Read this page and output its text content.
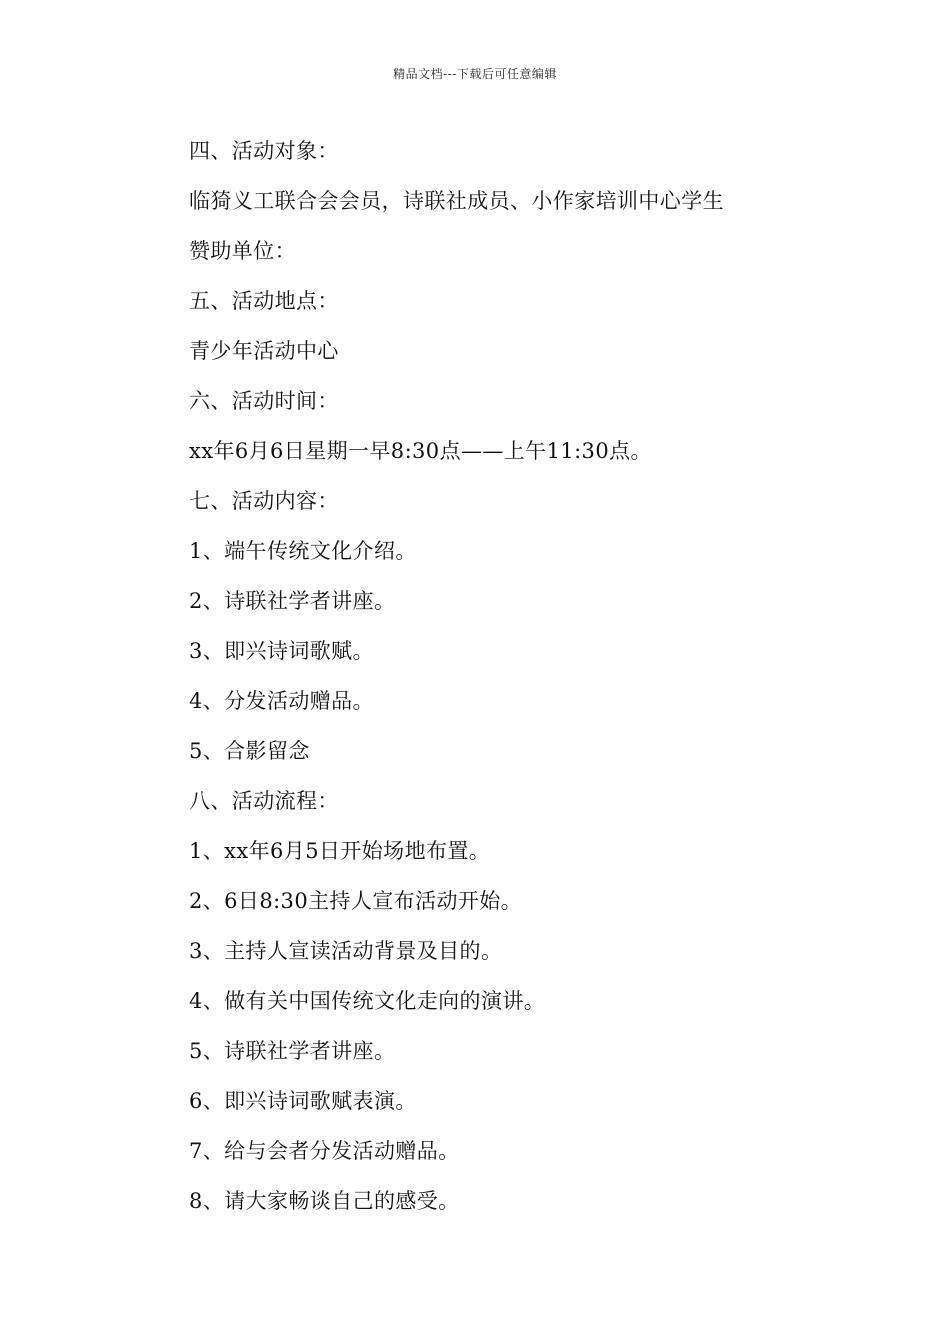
精品文档---下载后可任意编辑
四、活动对象：
临猗义工联合会会员，诗联社成员、小作家培训中心学生
赞助单位：
五、活动地点：
青少年活动中心
六、活动时间：
xx年6月6日星期一早8:30点——上午11:30点。
七、活动内容：
1、端午传统文化介绍。
2、诗联社学者讲座。
3、即兴诗词歌赋。
4、分发活动赠品。
5、合影留念
八、活动流程：
1、xx年6月5日开始场地布置。
2、6日8:30主持人宣布活动开始。
3、主持人宣读活动背景及目的。
4、做有关中国传统文化走向的演讲。
5、诗联社学者讲座。
6、即兴诗词歌赋表演。
7、给与会者分发活动赠品。
8、请大家畅谈自己的感受。
